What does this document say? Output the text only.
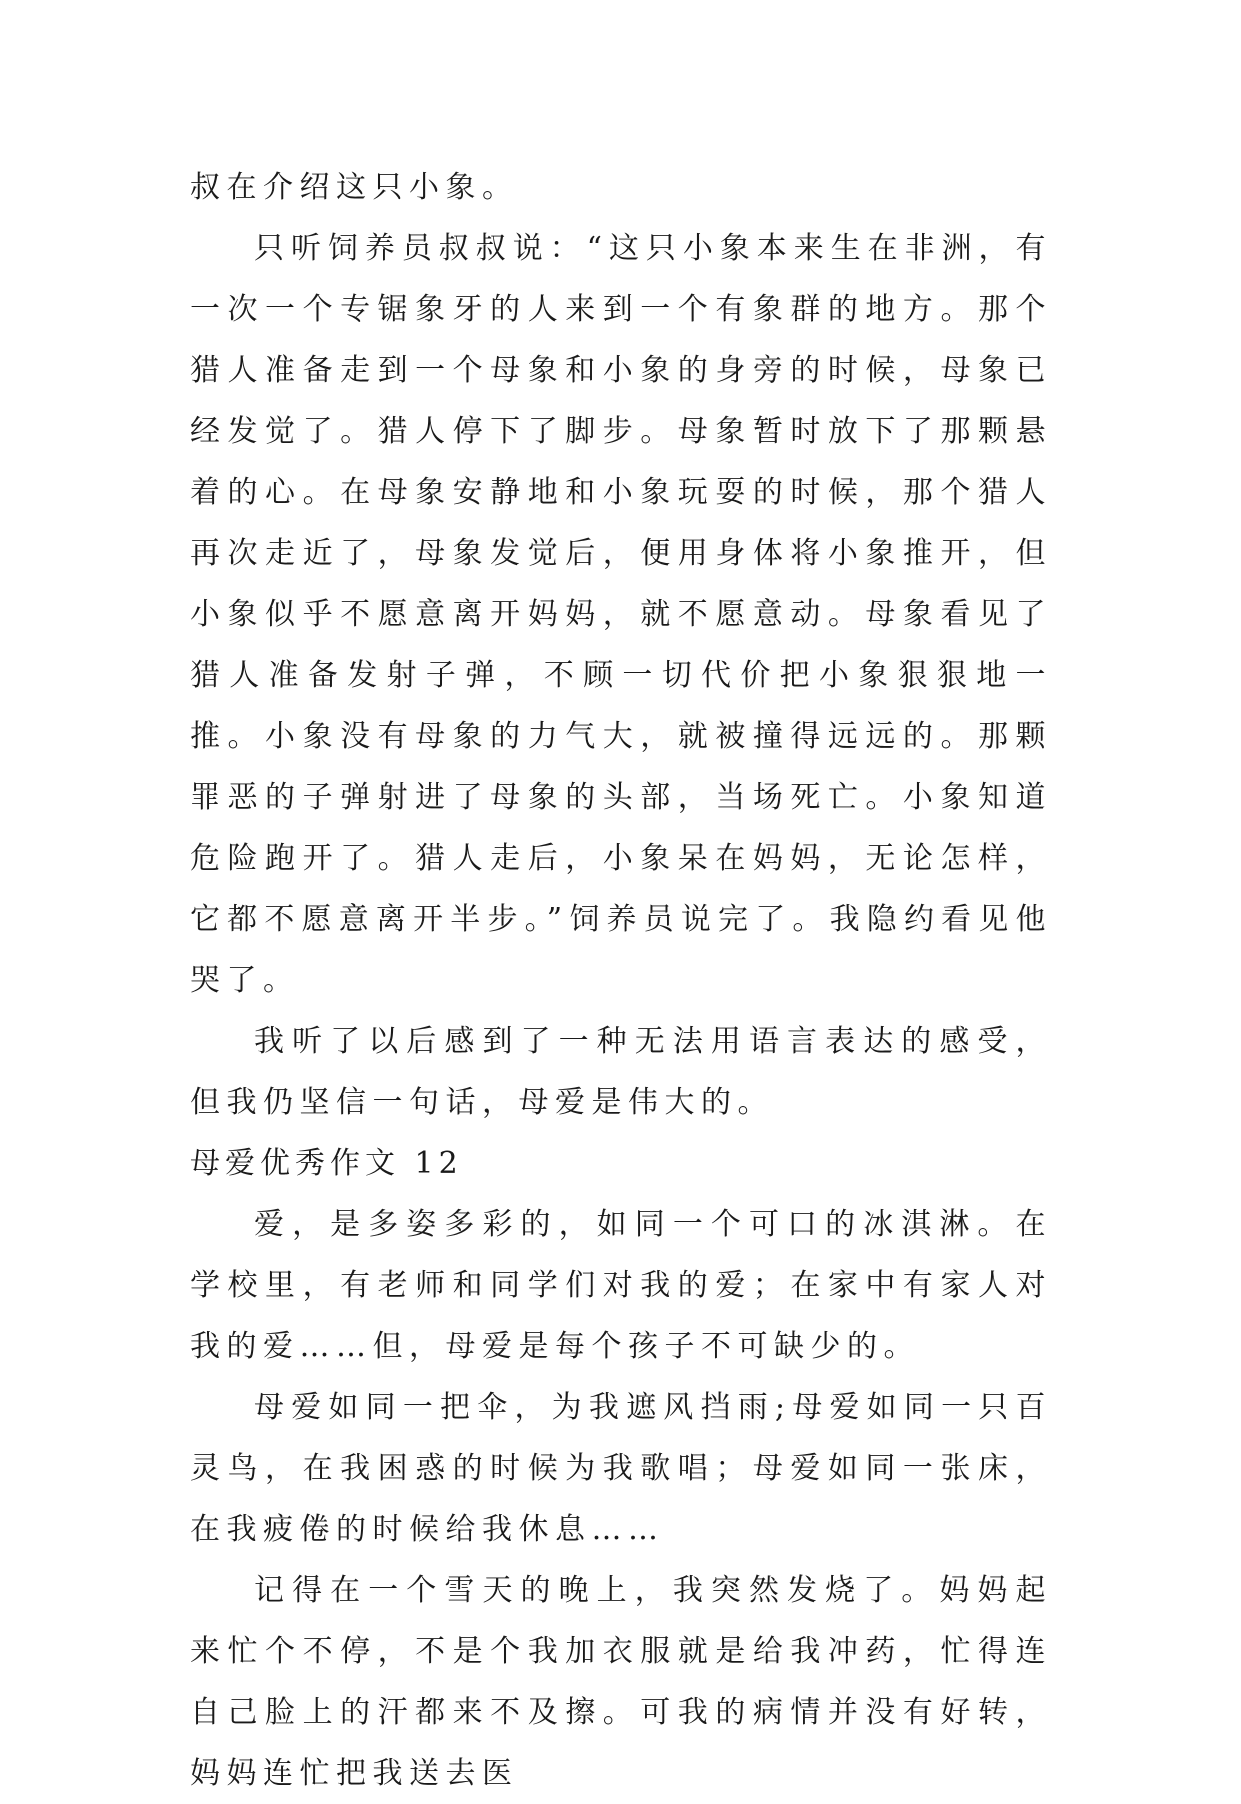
叔在介绍这只小象。

只听饲养员叔叔说：“这只小象本来生在非洲，有一次一个专锯象牙的人来到一个有象群的地方。那个猎人准备走到一个母象和小象的身旁的时候，母象已经发觉了。猎人停下了脚步。母象暂时放下了那颗悬着的心。在母象安静地和小象玩耍的时候，那个猎人再次走近了，母象发觉后，便用身体将小象推开，但小象似乎不愿意离开妈妈，就不愿意动。母象看见了猎人准备发射子弹，不顾一切代价把小象狠狠地一推。小象没有母象的力气大，就被撞得远远的。那颗罪恶的子弹射进了母象的头部，当场死亡。小象知道危险跑开了。猎人走后，小象呆在妈妈，无论怎样，它都不愿意离开半步。”饲养员说完了。我隐约看见他哭了。

我听了以后感到了一种无法用语言表达的感受，但我仍坚信一句话，母爱是伟大的。

母爱优秀作文 12

爱，是多姿多彩的，如同一个可口的冰淇淋。在学校里，有老师和同学们对我的爱；在家中有家人对我的爱……但，母爱是每个孩子不可缺少的。

母爱如同一把伞，为我遮风挡雨;母爱如同一只百灵鸟，在我困惑的时候为我歌唱；母爱如同一张床，在我疲倦的时候给我休息……

记得在一个雪天的晚上，我突然发烧了。妈妈起来忙个不停，不是个我加衣服就是给我冲药，忙得连自己脸上的汗都来不及擦。可我的病情并没有好转，妈妈连忙把我送去医
